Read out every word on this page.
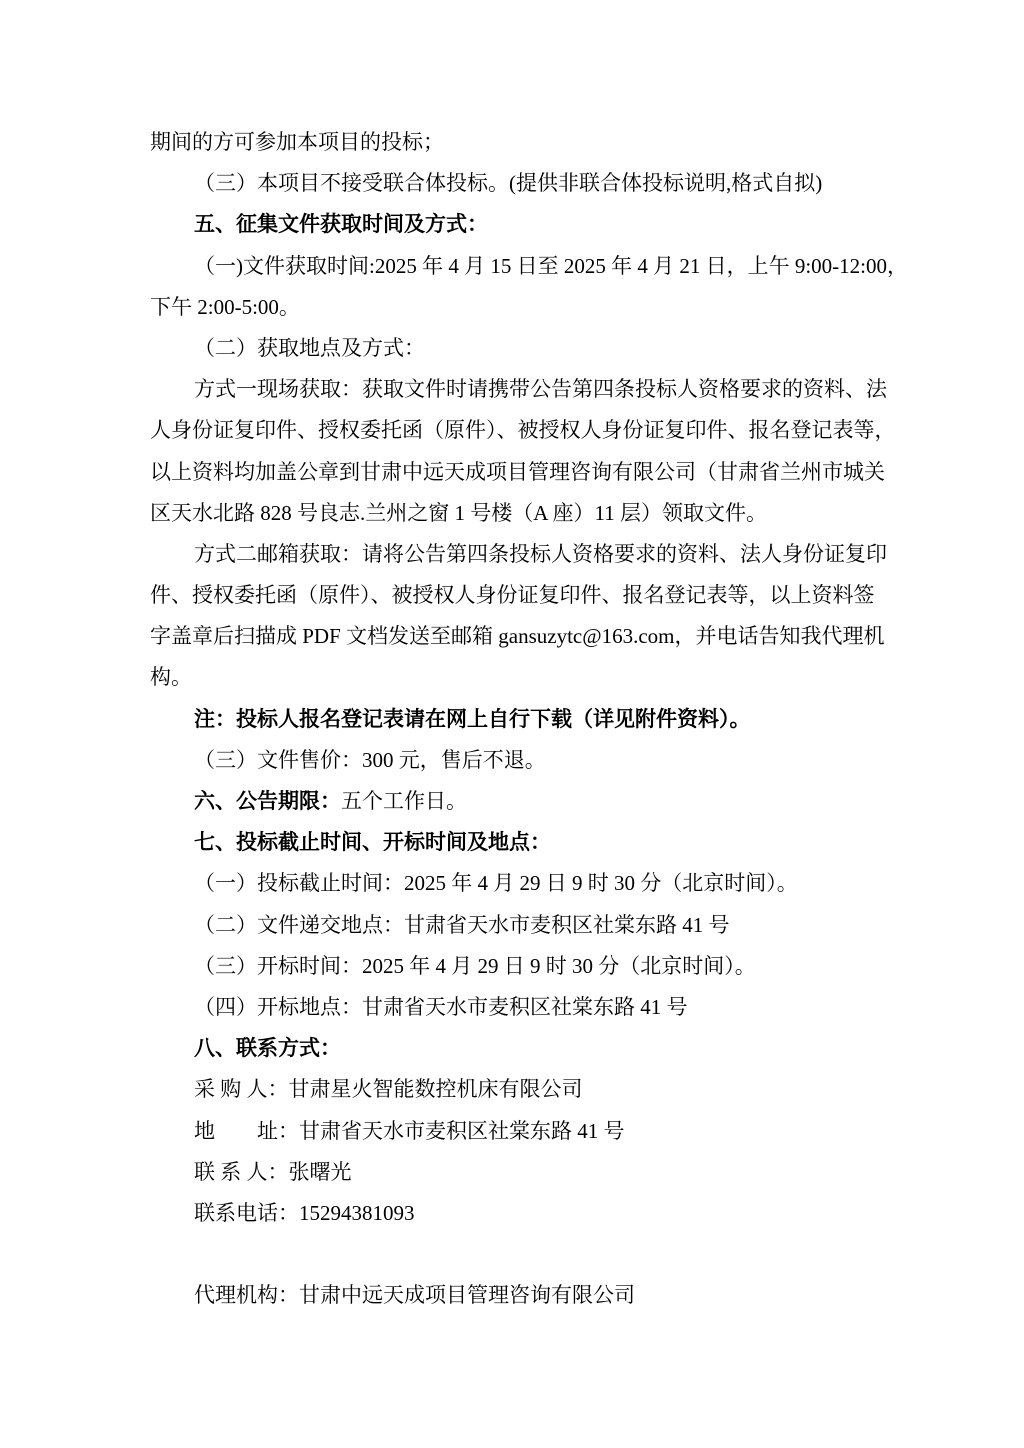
期间的方可参加本项目的投标；
（三）本项目不接受联合体投标。(提供非联合体投标说明,格式自拟)
五、征集文件获取时间及方式：
（一)文件获取时间:2025 年 4 月 15 日至 2025 年 4 月 21 日，上午 9:00-12:00，
下午 2:00-5:00。
（二）获取地点及方式：
方式一现场获取：获取文件时请携带公告第四条投标人资格要求的资料、法
人身份证复印件、授权委托函（原件）、被授权人身份证复印件、报名登记表等，
以上资料均加盖公章到甘肃中远天成项目管理咨询有限公司（甘肃省兰州市城关
区天水北路 828 号良志.兰州之窗 1 号楼（A 座）11 层）领取文件。
方式二邮箱获取：请将公告第四条投标人资格要求的资料、法人身份证复印
件、授权委托函（原件）、被授权人身份证复印件、报名登记表等，以上资料签
字盖章后扫描成 PDF 文档发送至邮箱 gansuzytc@163.com，并电话告知我代理机
构。
注：投标人报名登记表请在网上自行下载（详见附件资料）。
（三）文件售价：300 元，售后不退。
六、公告期限：五个工作日。
七、投标截止时间、开标时间及地点：
（一）投标截止时间：2025 年 4 月 29 日 9 时 30 分（北京时间）。
（二）文件递交地点：甘肃省天水市麦积区社棠东路 41 号
（三）开标时间：2025 年 4 月 29 日 9 时 30 分（北京时间）。
（四）开标地点：甘肃省天水市麦积区社棠东路 41 号
八、联系方式：
采 购 人：甘肃星火智能数控机床有限公司
地　　址：甘肃省天水市麦积区社棠东路 41 号
联 系 人：张曙光
联系电话：15294381093
代理机构：甘肃中远天成项目管理咨询有限公司
